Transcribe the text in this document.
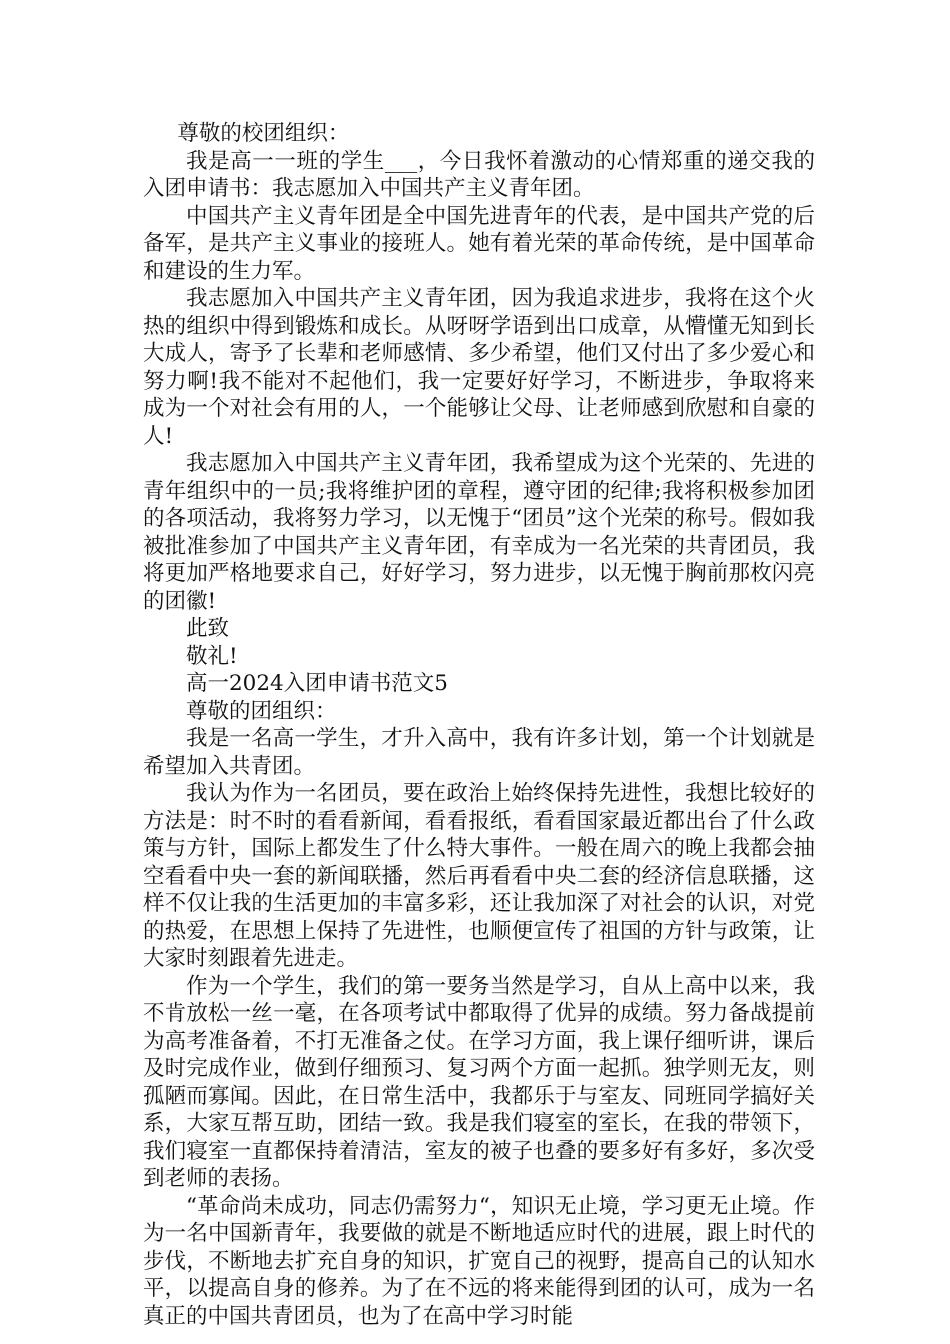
尊敬的校团组织：

我是高一一班的学生___，今日我怀着激动的心情郑重的递交我的入团申请书：我志愿加入中国共产主义青年团。

中国共产主义青年团是全中国先进青年的代表，是中国共产党的后备军，是共产主义事业的接班人。她有着光荣的革命传统，是中国革命和建设的生力军。

我志愿加入中国共产主义青年团，因为我追求进步，我将在这个火热的组织中得到锻炼和成长。从呀呀学语到出口成章，从懵懂无知到长大成人，寄予了长辈和老师感情、多少希望，他们又付出了多少爱心和努力啊!我不能对不起他们，我一定要好好学习，不断进步，争取将来成为一个对社会有用的人，一个能够让父母、让老师感到欣慰和自豪的人!

我志愿加入中国共产主义青年团，我希望成为这个光荣的、先进的青年组织中的一员;我将维护团的章程，遵守团的纪律;我将积极参加团的各项活动，我将努力学习，以无愧于“团员”这个光荣的称号。假如我被批准参加了中国共产主义青年团，有幸成为一名光荣的共青团员，我将更加严格地要求自己，好好学习，努力进步，以无愧于胸前那枚闪亮的团徽!

此致

敬礼!

高一2024入团申请书范文5

尊敬的团组织：

我是一名高一学生，才升入高中，我有许多计划，第一个计划就是希望加入共青团。

我认为作为一名团员，要在政治上始终保持先进性，我想比较好的方法是：时不时的看看新闻，看看报纸，看看国家最近都出台了什么政策与方针，国际上都发生了什么特大事件。一般在周六的晚上我都会抽空看看中央一套的新闻联播，然后再看看中央二套的经济信息联播，这样不仅让我的生活更加的丰富多彩，还让我加深了对社会的认识，对党的热爱，在思想上保持了先进性，也顺便宣传了祖国的方针与政策，让大家时刻跟着先进走。

作为一个学生，我们的第一要务当然是学习，自从上高中以来，我不肯放松一丝一毫，在各项考试中都取得了优异的成绩。努力备战提前为高考准备着，不打无准备之仗。在学习方面，我上课仔细听讲，课后及时完成作业，做到仔细预习、复习两个方面一起抓。独学则无友，则孤陋而寡闻。因此，在日常生活中，我都乐于与室友、同班同学搞好关系，大家互帮互助，团结一致。我是我们寝室的室长，在我的带领下，我们寝室一直都保持着清洁，室友的被子也叠的要多好有多好，多次受到老师的表扬。

“革命尚未成功，同志仍需努力“，知识无止境，学习更无止境。作为一名中国新青年，我要做的就是不断地适应时代的进展，跟上时代的步伐，不断地去扩充自身的知识，扩宽自己的视野，提高自己的认知水平，以提高自身的修养。为了在不远的将来能得到团的认可，成为一名真正的中国共青团员，也为了在高中学习时能
